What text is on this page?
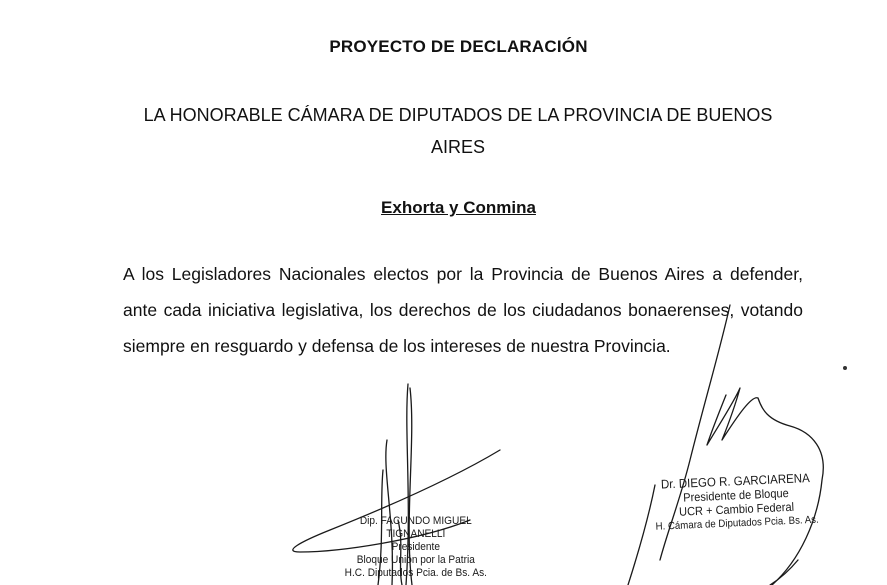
PROYECTO DE DECLARACIÓN
LA HONORABLE CÁMARA DE DIPUTADOS DE LA PROVINCIA DE BUENOS AIRES
Exhorta y Conmina
A los Legisladores Nacionales electos por la Provincia de Buenos Aires a defender, ante cada iniciativa legislativa, los derechos de los ciudadanos bonaerenses, votando siempre en resguardo y defensa de los intereses de nuestra Provincia.
Dip. FACUNDO MIGUEL TIGNANELLI
Presidente
Bloque Unión por la Patria
H.C. Diputados Pcia. de Bs. As.
Dr. DIEGO R. GARCIARENA
Presidente de Bloque
UCR + Cambio Federal
H. Cámara de Diputados Pcia. Bs. As.
